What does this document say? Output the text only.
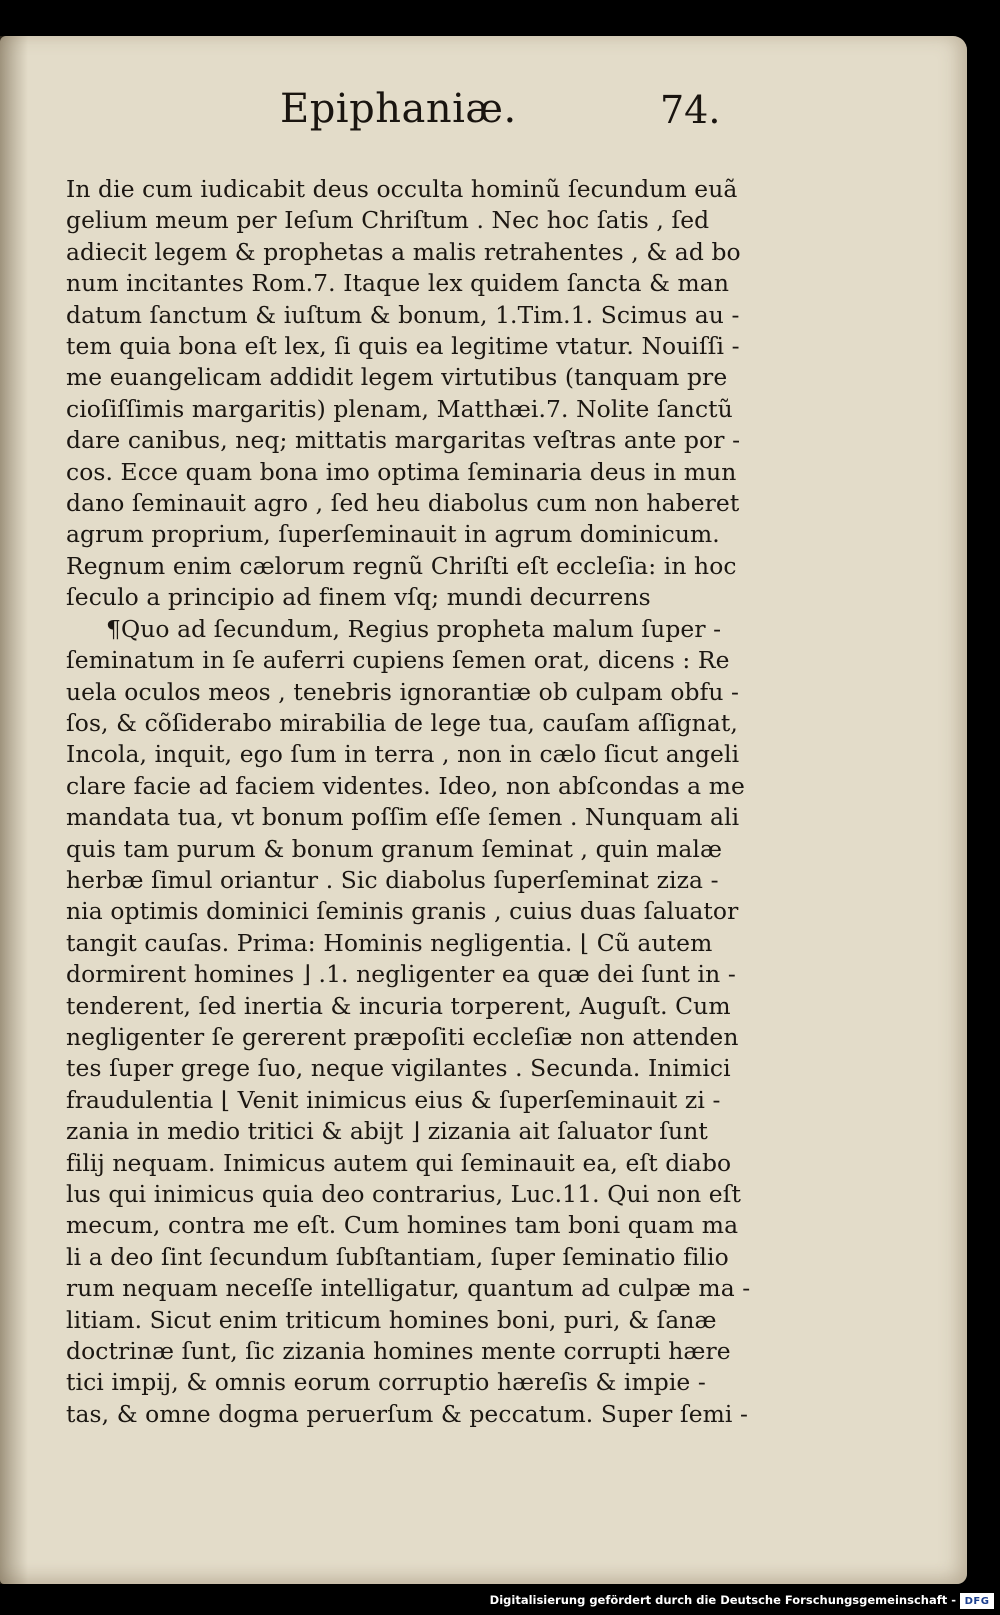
Epiphaniæ.	74.
In die cum iudicabit deus occulta hominũ ſecundum euã
gelium meum per Ieſum Chriſtum . Nec hoc ſatis , ſed
adiecit legem & prophetas a malis retrahentes , & ad bo
num incitantes Rom.7. Itaque lex quidem ſancta & man
datum ſanctum & iuſtum & bonum, 1.Tim.1. Scimus au -
tem quia bona eſt lex, ſi quis ea legitime vtatur. Nouiſſi -
me euangelicam addidit legem virtutibus (tanquam pre
cioſiſſimis margaritis) plenam, Matthæi.7. Nolite ſanctũ
dare canibus, neq; mittatis margaritas veſtras ante por -
cos. Ecce quam bona imo optima ſeminaria deus in mun
dano ſeminauit agro , ſed heu diabolus cum non haberet
agrum proprium, ſuperſeminauit in agrum dominicum.
Regnum enim cælorum regnũ Chriſti eſt eccleſia: in hoc
ſeculo a principio ad finem vſq; mundi decurrens
¶Quo ad ſecundum, Regius propheta malum ſuper -
ſeminatum in ſe auferri cupiens ſemen orat, dicens : Re
uela oculos meos , tenebris ignorantiæ ob culpam obfu -
ſos, & cõſiderabo mirabilia de lege tua, cauſam aſſignat,
Incola, inquit, ego ſum in terra , non in cælo ſicut angeli
clare facie ad faciem videntes. Ideo, non abſcondas a me
mandata tua, vt bonum poſſim eſſe ſemen . Nunquam ali
quis tam purum & bonum granum ſeminat , quin malæ
herbæ ſimul oriantur . Sic diabolus ſuperſeminat ziza -
nia optimis dominici ſeminis granis , cuius duas ſaluator
tangit cauſas. Prima: Hominis negligentia. ⌊ Cũ autem
dormirent homines ⌋ .1. negligenter ea quæ dei ſunt in -
tenderent, ſed inertia & incuria torperent, Auguſt. Cum
negligenter ſe gererent præpoſiti eccleſiæ non attenden
tes ſuper grege ſuo, neque vigilantes . Secunda. Inimici
fraudulentia ⌊ Venit inimicus eius & ſuperſeminauit zi -
zania in medio tritici & abijt ⌋ zizania ait ſaluator ſunt
filij nequam. Inimicus autem qui ſeminauit ea, eſt diabo
lus qui inimicus quia deo contrarius, Luc.11. Qui non eſt
mecum, contra me eſt. Cum homines tam boni quam ma
li a deo ſint ſecundum ſubſtantiam, ſuper ſeminatio filio
rum nequam neceſſe intelligatur, quantum ad culpæ ma -
litiam. Sicut enim triticum homines boni, puri, & ſanæ
doctrinæ ſunt, ſic zizania homines mente corrupti hære
tici impij, & omnis eorum corruptio hæreſis & impie -
tas, & omne dogma peruerſum & peccatum. Super ſemi -
Digitalisierung gefördert durch die Deutsche Forschungsgemeinschaft - DFG
